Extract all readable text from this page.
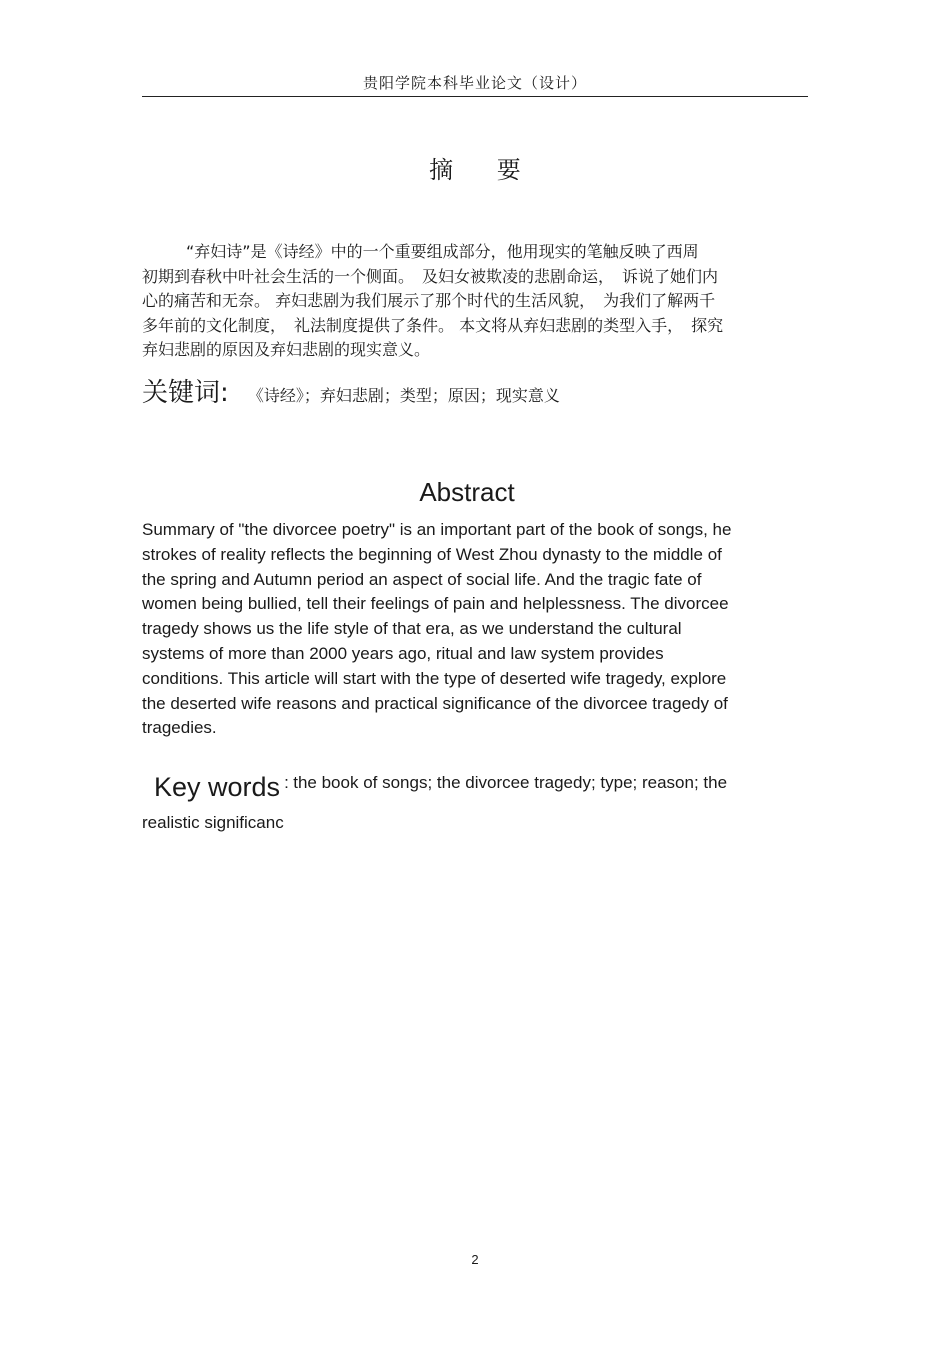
贵阳学院本科毕业论文（设计）
摘 要
“弃妇诗”是《诗经》中的一个重要组成部分，他用现实的笔触反映了西周
初期到春秋中叶社会生活的一个侧面。　及妇女被欺凌的悲剧命运，　诉说了她们内
心的痛苦和无奈。 弃妇悲剧为我们展示了那个时代的生活风貌，　为我们了解两千
多年前的文化制度，　礼法制度提供了条件。 本文将从弃妇悲剧的类型入手，　探究
弃妇悲剧的原因及弃妇悲剧的现实意义。
关键词: 《诗经》；弃妇悲剧；类型；原因；现实意义
Abstract
Summary of "the divorcee poetry" is an important part of the book of songs, he
strokes of reality reflects the beginning of West Zhou dynasty to the middle of
the spring and Autumn period an aspect of social life. And the tragic fate of
women being bullied, tell their feelings of pain and helplessness. The divorcee
tragedy shows us the life style of that era, as we understand the cultural
systems of more than 2000 years ago, ritual and law system provides
conditions. This article will start with the type of deserted wife tragedy, explore
the deserted wife reasons and practical significance of the divorcee tragedy of
tragedies.
Key words : the book of songs; the divorcee tragedy; type; reason; the
realistic significanc
2
